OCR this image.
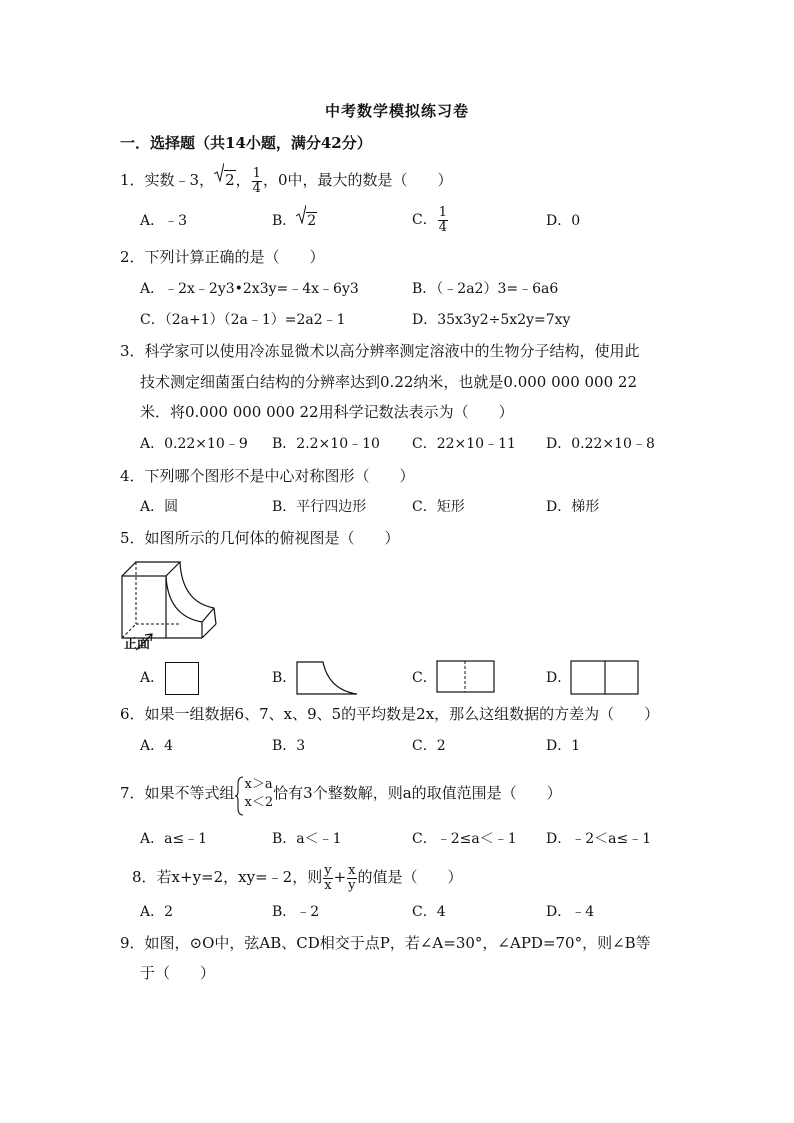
中考数学模拟练习卷
一．选择题（共14小题，满分42分）
1．实数﹣3， 2， $\frac{1}{4}$ ，0中，最大的数是（　　）
A．﹣3	B． 2	C． $\frac{1}{4}$	D．0
2．下列计算正确的是（　　）
A．﹣2x﹣2y3•2x3y=﹣4x﹣6y3	B．（﹣2a2）3=﹣6a6
C．（2a+1）（2a﹣1）=2a2﹣1	D．35x3y2÷5x2y=7xy
3．科学家可以使用冷冻显微术以高分辨率测定溶液中的生物分子结构，使用此
技术测定细菌蛋白结构的分辨率达到0.22纳米，也就是0.000 000 000 22
米．将0.000 000 000 22用科学记数法表示为（　　）
A．0.22×10﹣9 B．2.2×10﹣10 C．22×10﹣11 D．0.22×10﹣8
4．下列哪个图形不是中心对称图形（　　）
A．圆	B．平行四边形	C．矩形	D．梯形
5．如图所示的几何体的俯视图是（　　）
正面
A．	B．	C．	D．
6．如果一组数据6、7、x、9、5的平均数是2x，那么这组数据的方差为（　　）
A．4	B．3	C．2	D．1
7．如果不等式组 x＞a
x＜2
恰有3个整数解，则a的取值范围是（　　）
A．a≤﹣1	B．a＜﹣1	C．﹣2≤a＜﹣1 D．﹣2＜a≤﹣1
8．若x+y=2，xy=﹣2，则 $\frac{y}{x} + \frac{x}{y}$ 的值是（　　）
A．2	B．﹣2	C．4	D．﹣4
9．如图，⊙O中，弦AB、CD相交于点P，若∠A=30°，∠APD=70°，则∠B等
于（　　）
